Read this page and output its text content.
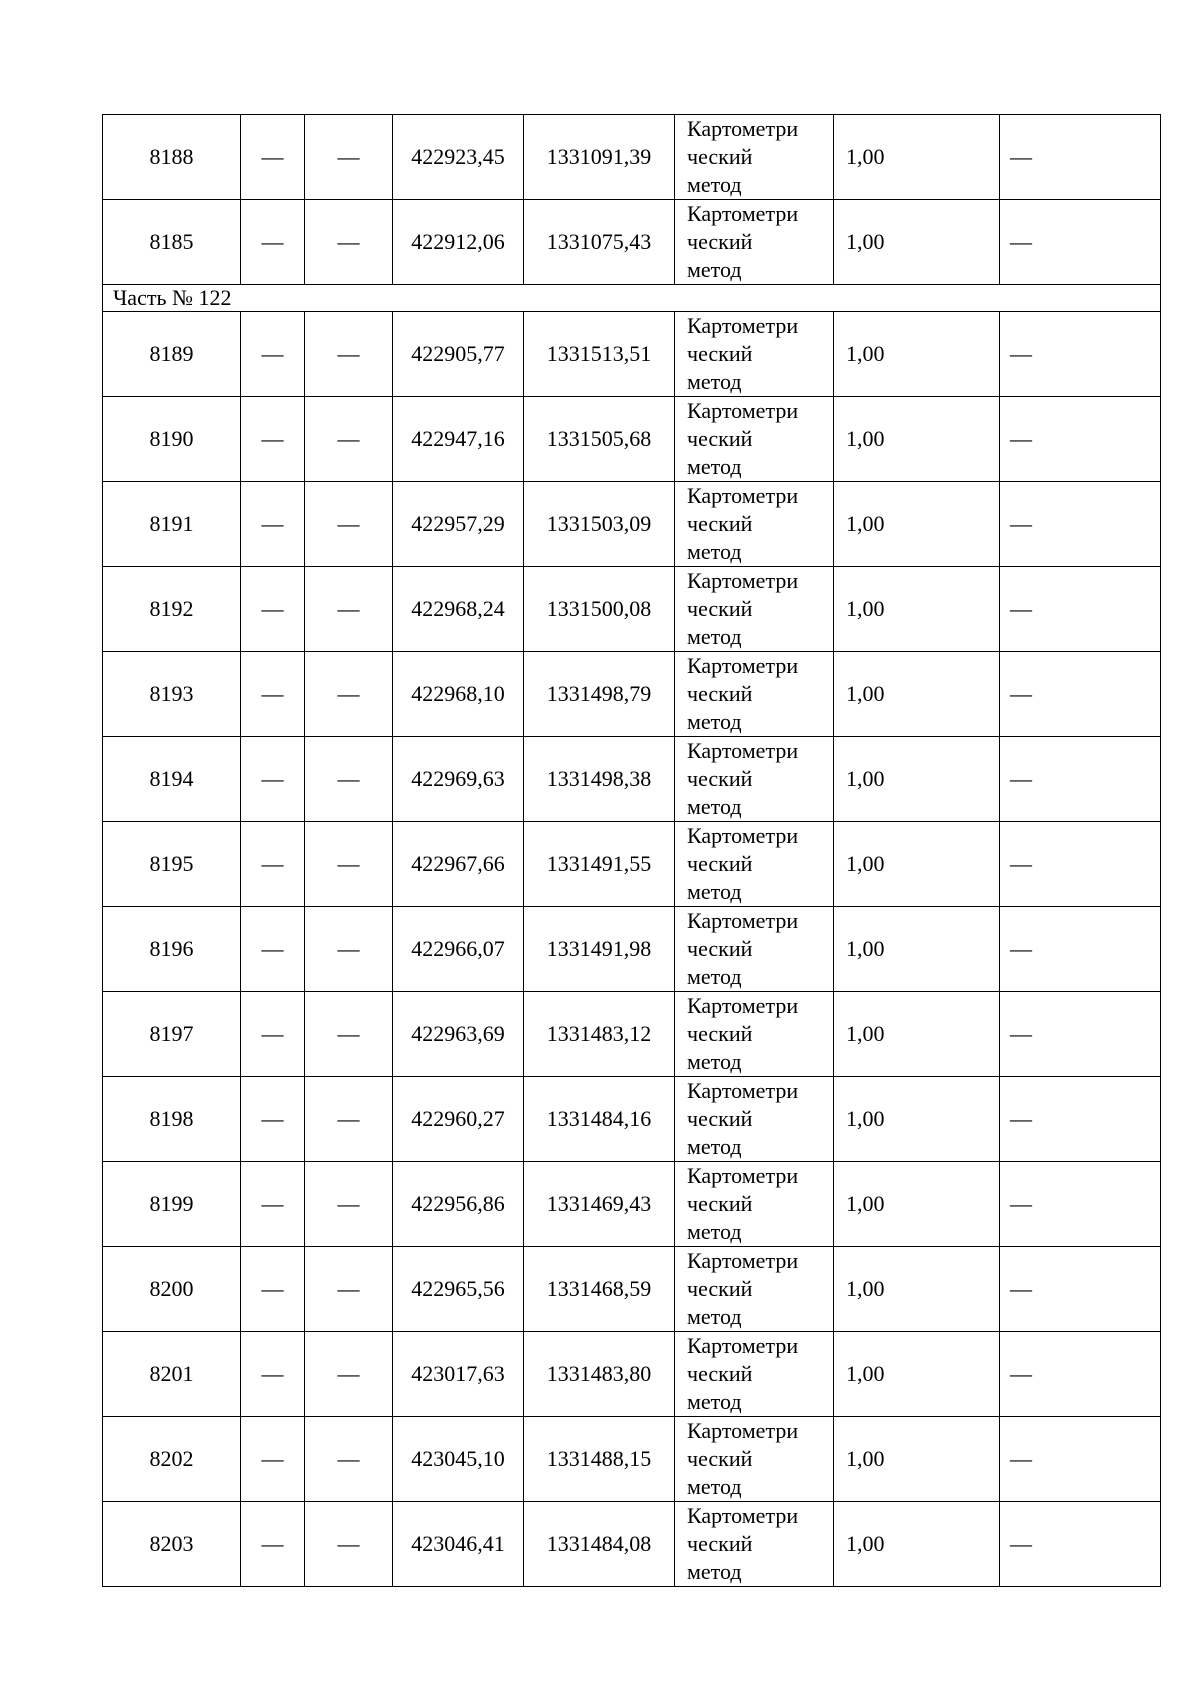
8188	—	—	422923,45	1331091,39	Картометри
ческий
метод	1,00	—
8185	—	—	422912,06	1331075,43	Картометри
ческий
метод	1,00	—
Часть № 122							
8189	—	—	422905,77	1331513,51	Картометри
ческий
метод	1,00	—
8190	—	—	422947,16	1331505,68	Картометри
ческий
метод	1,00	—
8191	—	—	422957,29	1331503,09	Картометри
ческий
метод	1,00	—
8192	—	—	422968,24	1331500,08	Картометри
ческий
метод	1,00	—
8193	—	—	422968,10	1331498,79	Картометри
ческий
метод	1,00	—
8194	—	—	422969,63	1331498,38	Картометри
ческий
метод	1,00	—
8195	—	—	422967,66	1331491,55	Картометри
ческий
метод	1,00	—
8196	—	—	422966,07	1331491,98	Картометри
ческий
метод	1,00	—
8197	—	—	422963,69	1331483,12	Картометри
ческий
метод	1,00	—
8198	—	—	422960,27	1331484,16	Картометри
ческий
метод	1,00	—
8199	—	—	422956,86	1331469,43	Картометри
ческий
метод	1,00	—
8200	—	—	422965,56	1331468,59	Картометри
ческий
метод	1,00	—
8201	—	—	423017,63	1331483,80	Картометри
ческий
метод	1,00	—
8202	—	—	423045,10	1331488,15	Картометри
ческий
метод	1,00	—
8203	—	—	423046,41	1331484,08	Картометри
ческий
метод	1,00	—
